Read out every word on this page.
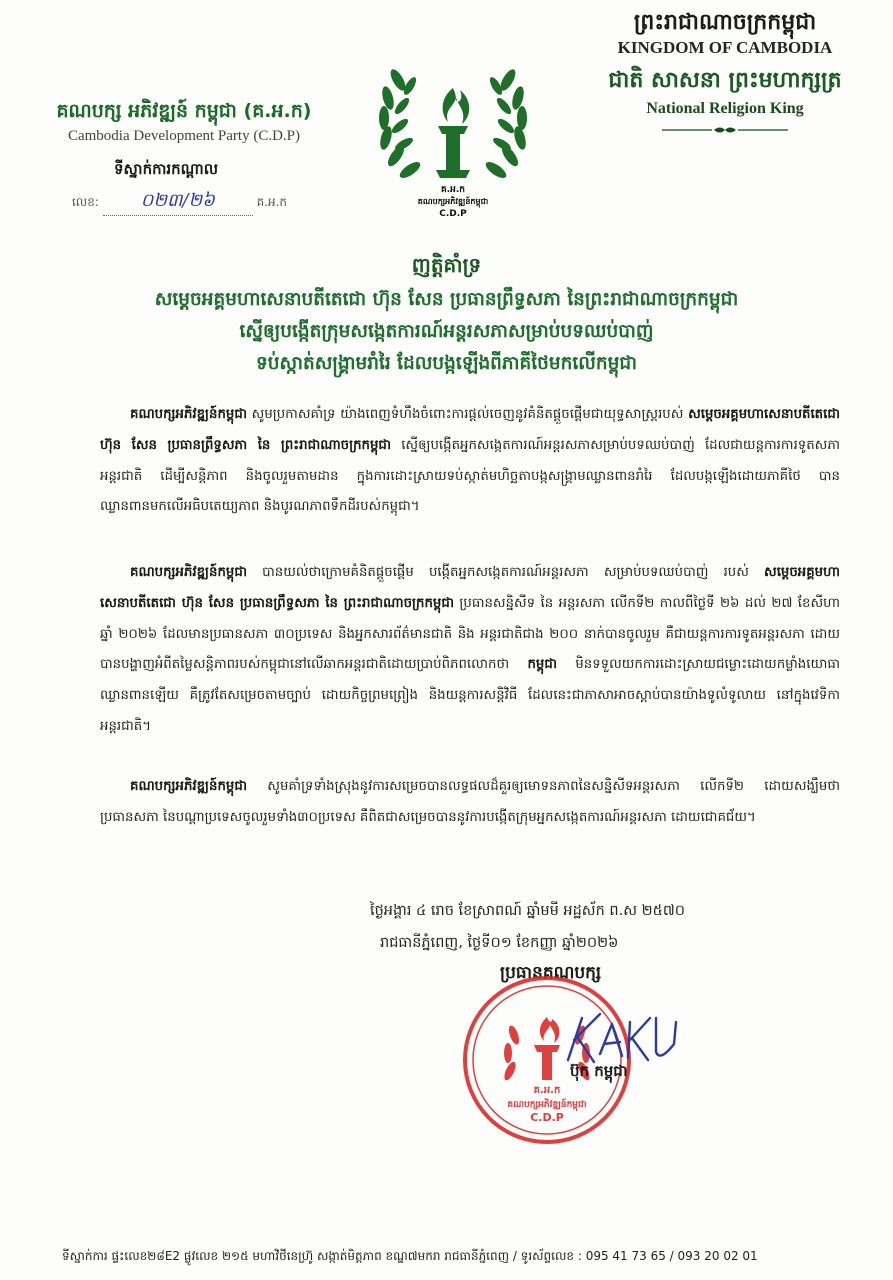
ព្រះរាជាណាចក្រកម្ពុជា
KINGDOM OF CAMBODIA
ជាតិ សាសនា ព្រះមហាក្សត្រ
National Religion King
គណបក្ស អភិវឌ្ឍន៍ កម្ពុជា (គ.អ.ក)
Cambodia Development Party (C.D.P)
ទីស្នាក់ការកណ្តាល
លេខ: ០២៣/២៦	គ.អ.ក
គ.អ.ក
គណបក្សអភិវឌ្ឍន៍កម្ពុជា
C.D.P
ញត្តិគាំទ្រ
សម្តេចអគ្គមហាសេនាបតីតេជោ ហ៊ុន សែន ប្រធានព្រឹទ្ធសភា នៃព្រះរាជាណាចក្រកម្ពុជា
ស្នើឲ្យបង្កើតក្រុមសង្កេតការណ៍អន្តរសភាសម្រាប់បទឈប់បាញ់
ទប់ស្កាត់សង្គ្រាមរាំរៃ ដែលបង្កឡើងពីភាគីថៃមកលើកម្ពុជា
គណបក្សអភិវឌ្ឍន៍កម្ពុជា សូមប្រកាសគាំទ្រ យ៉ាងពេញទំហឹងចំពោះការផ្តល់ចេញនូវគំនិតផ្តួចផ្តើមជាយុទ្ធសាស្ត្ររបស់ សម្តេចអគ្គមហាសេនាបតីតេជោ ហ៊ុន សែន ប្រធានព្រឹទ្ធសភា នៃ ព្រះរាជាណាចក្រកម្ពុជា ស្នើឲ្យបង្កើតអ្នកសង្កេតការណ៍អន្តរសភាសម្រាប់បទឈប់បាញ់ ដែលជាយន្តការការទូតសភាអន្តរជាតិ ដើម្បីសន្តិភាព និងចូលរួមតាមដាន ក្នុងការដោះស្រាយទប់ស្កាត់មហិច្ឆតាបង្កសង្គ្រាមឈ្លានពានរាំរៃ ដែលបង្កឡើងដោយភាគីថៃ បានឈ្លានពានមកលើអធិបតេយ្យភាព និងបូរណភាពទឹកដីរបស់កម្ពុជា។
គណបក្សអភិវឌ្ឍន៍កម្ពុជា បានយល់ថាក្រោមគំនិតផ្តួចផ្តើម បង្កើតអ្នកសង្កេតការណ៍អន្តរសភា សម្រាប់បទឈប់បាញ់ របស់ សម្តេចអគ្គមហាសេនាបតីតេជោ ហ៊ុន សែន ប្រធានព្រឹទ្ធសភា នៃ ព្រះរាជាណាចក្រកម្ពុជា ប្រធានសន្និសីទ នៃ អន្តរសភា លើកទី២ កាលពីថ្ងៃទី ២៦ ដល់ ២៧ ខែសីហា ឆ្នាំ ២០២៦ ដែលមានប្រធានសភា ៣០ប្រទេស និងអ្នកសារព័ត៌មានជាតិ និង អន្តរជាតិជាង ២០០ នាក់បានចូលរួម គឺជាយន្តការការទូតអន្តរសភា ដោយបានបង្ហាញអំពីតម្លៃសន្តិភាពរបស់កម្ពុជានៅលើឆាកអន្តរជាតិដោយប្រាប់ពិភពលោកថា កម្ពុជា មិនទទួលយកការដោះស្រាយជម្លោះដោយកម្លាំងយោធាឈ្លានពានឡើយ គឺត្រូវតែសម្រេចតាមច្បាប់ ដោយកិច្ចព្រមព្រៀង និងយន្តការសន្តិវិធី ដែលនេះជាភាសាអាចស្តាប់បានយ៉ាងទូលំទូលាយ នៅក្នុងវេទិកាអន្តរជាតិ។
គណបក្សអភិវឌ្ឍន៍កម្ពុជា សូមគាំទ្រទាំងស្រុងនូវការសម្រេចបានលទ្ធផលដ៏គួរឲ្យមោទនភាពនៃសន្និសីទអន្តរសភា លើកទី២ ដោយសង្ឃឹមថាប្រធានសភា នៃបណ្តាប្រទេសចូលរួមទាំង៣០ប្រទេស គឺពិតជាសម្រេចបាននូវការបង្កើតក្រុមអ្នកសង្កេតការណ៍អន្តរសភា ដោយជោគជ័យ។
ថ្ងៃអង្គារ ៤ រោច ខែស្រាពណ៍ ឆ្នាំមមី អដ្ឋស័ក ព.ស ២៥៧០
រាជធានីភ្នំពេញ, ថ្ងៃទី០១ ខែកញ្ញា ឆ្នាំ២០២៦
ប្រធានគណបក្ស
គ.អ.ក
គណបក្សអភិវឌ្ឍន៍កម្ពុជា
C.D.P
ប៊ុក កម្ពុជា
ទីស្នាក់ការ ផ្ទះលេខ២៨E2 ផ្លូវលេខ ២១៥ មហាវិថីនេហ៊្រូ សង្កាត់មិត្តភាព ខណ្ឌ៧មករា រាជធានីភ្នំពេញ / ទូរស័ព្ទលេខ : 095 41 73 65 / 093 20 02 01
